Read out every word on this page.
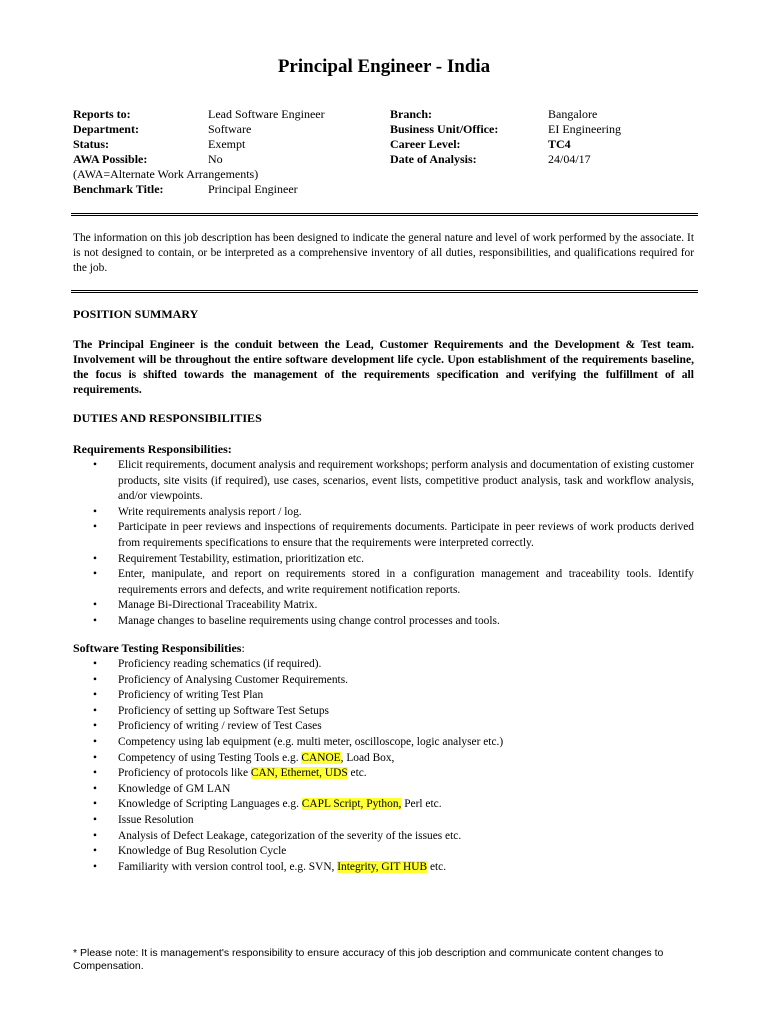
Principal Engineer - India
Reports to:	Lead Software Engineer	Branch:	Bangalore
Department:	Software	Business Unit/Office:	EI Engineering
Status:	Exempt	Career Level:	TC4
AWA Possible:	No	Date of Analysis:	24/04/17
(AWA=Alternate Work Arrangements)
Benchmark Title:	Principal Engineer
The information on this job description has been designed to indicate the general nature and level of work performed by the associate. It is not designed to contain, or be interpreted as a comprehensive inventory of all duties, responsibilities, and qualifications required for the job.
POSITION SUMMARY
The Principal Engineer is the conduit between the Lead, Customer Requirements and the Development & Test team. Involvement will be throughout the entire software development life cycle. Upon establishment of the requirements baseline, the focus is shifted towards the management of the requirements specification and verifying the fulfillment of all requirements.
DUTIES AND RESPONSIBILITIES
Requirements Responsibilities:
• Elicit requirements, document analysis and requirement workshops; perform analysis and documentation of existing customer products, site visits (if required), use cases, scenarios, event lists, competitive product analysis, task and workflow analysis, and/or viewpoints.
• Write requirements analysis report / log.
• Participate in peer reviews and inspections of requirements documents. Participate in peer reviews of work products derived from requirements specifications to ensure that the requirements were interpreted correctly.
• Requirement Testability, estimation, prioritization etc.
• Enter, manipulate, and report on requirements stored in a configuration management and traceability tools. Identify requirements errors and defects, and write requirement notification reports.
• Manage Bi-Directional Traceability Matrix.
• Manage changes to baseline requirements using change control processes and tools.
Software Testing Responsibilities:
• Proficiency reading schematics (if required).
• Proficiency of Analysing Customer Requirements.
• Proficiency of writing Test Plan
• Proficiency of setting up Software Test Setups
• Proficiency of writing / review of Test Cases
• Competency using lab equipment (e.g. multi meter, oscilloscope, logic analyser etc.)
• Competency of using Testing Tools e.g. CANOE, Load Box,
• Proficiency of protocols like CAN, Ethernet, UDS etc.
• Knowledge of GM LAN
• Knowledge of Scripting Languages e.g. CAPL Script, Python, Perl etc.
• Issue Resolution
• Analysis of Defect Leakage, categorization of the severity of the issues etc.
• Knowledge of Bug Resolution Cycle
• Familiarity with version control tool, e.g. SVN, Integrity, GIT HUB etc.
* Please note: It is management's responsibility to ensure accuracy of this job description and communicate content changes to Compensation.
